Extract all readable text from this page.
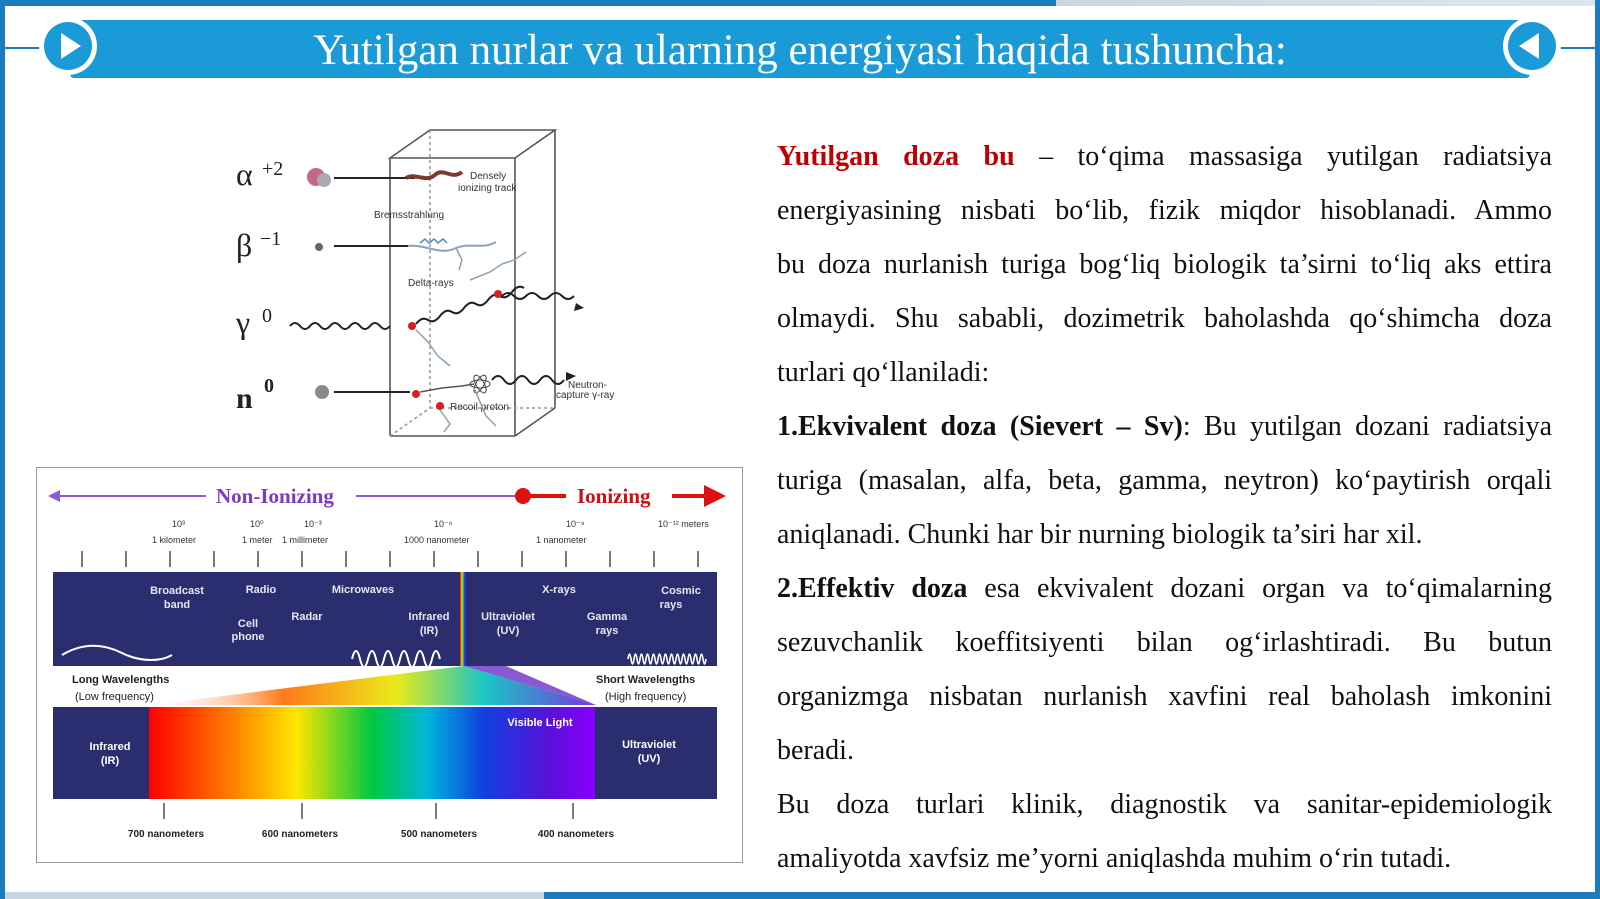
Yutilgan nurlar va ularning energiyasi haqida tushuncha:
α +2	Densely
ionizing track
Bremsstrahlung
β −1
Delta-rays
γ 0
n 0	Neutron-
capture γ-ray
Recoil proton
Non-Ionizing	Ionizing
10³	10⁰	10⁻³	10⁻⁶	10⁻⁹	10⁻¹² meters
1 kilometer	1 meter 1 millimeter	1000 nanometer	1 nanometer
Broadcast
band
Radio	Microwaves
Cell
phone
Radar	Infrared
(IR)
X-rays	Cosmic
rays
Ultraviolet
(UV)
Gamma
rays
Long Wavelengths	Short Wavelengths
(Low frequency)	(High frequency)
Visible Light
Infrared
(IR)
Ultraviolet
(UV)
700 nanometers	600 nanometers	500 nanometers	400 nanometers

Yutilgan doza bu – to‘qima massasiga yutilgan radiatsiya

energiyasining nisbati bo‘lib, fizik miqdor hisoblanadi. Ammo

bu doza nurlanish turiga bog‘liq biologik ta’sirni to‘liq aks ettira

olmaydi. Shu sababli, dozimetrik baholashda qo‘shimcha doza

turlari qo‘llaniladi:

1.Ekvivalent doza (Sievert – Sv): Bu yutilgan dozani radiatsiya

turiga (masalan, alfa, beta, gamma, neytron) ko‘paytirish orqali

aniqlanadi. Chunki har bir nurning biologik ta’siri har xil.

2.Effektiv doza esa ekvivalent dozani organ va to‘qimalarning

sezuvchanlik koeffitsiyenti bilan og‘irlashtiradi. Bu butun

organizmga nisbatan nurlanish xavfini real baholash imkonini

beradi.

Bu doza turlari klinik, diagnostik va sanitar-epidemiologik

amaliyotda xavfsiz me’yorni aniqlashda muhim o‘rin tutadi.
